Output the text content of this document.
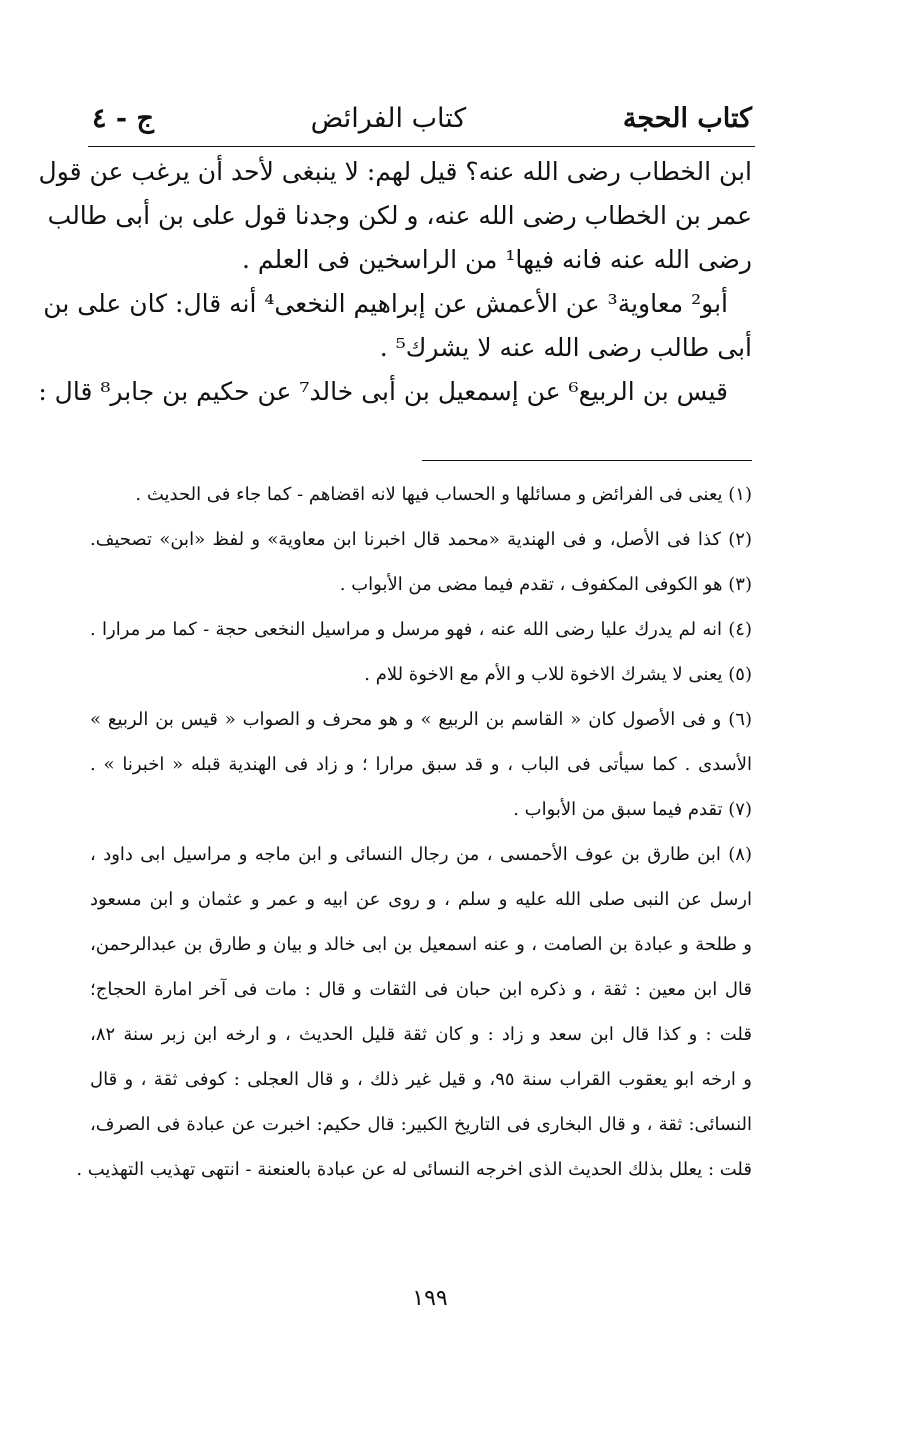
كتاب الحجة
كتاب الفرائض
ج - ٤
ابن الخطاب رضى الله عنه؟ قيل لهم: لا ينبغى لأحد أن يرغب عن قول
عمر بن الخطاب رضى الله عنه، و لكن وجدنا قول على بن أبى طالب
رضى الله عنه فانه فيها¹ من الراسخين فى العلم .
أبو² معاوية³ عن الأعمش عن إبراهيم النخعى⁴ أنه قال: كان على بن
أبى طالب رضى الله عنه لا يشرك⁵ .
قيس بن الربيع⁶ عن إسمعيل بن أبى خالد⁷ عن حكيم بن جابر⁸ قال :
(١) يعنى فى الفرائض و مسائلها و الحساب فيها لانه اقضاهم - كما جاء فى الحديث .
(٢) كذا فى الأصل، و فى الهندية «محمد قال اخبرنا ابن معاوية» و لفظ «ابن» تصحيف.
(٣) هو الكوفى المكفوف ، تقدم فيما مضى من الأبواب .
(٤) انه لم يدرك عليا رضى الله عنه ، فهو مرسل و مراسيل النخعى حجة - كما مر مرارا .
(٥) يعنى لا يشرك الاخوة للاب و الأم مع الاخوة للام .
(٦) و فى الأصول كان « القاسم بن الربيع » و هو محرف و الصواب « قيس بن الربيع »
الأسدى . كما سيأتى فى الباب ، و قد سبق مرارا ؛ و زاد فى الهندية قبله « اخبرنا » .
(٧) تقدم فيما سبق من الأبواب .
(٨) ابن طارق بن عوف الأحمسى ، من رجال النسائى و ابن ماجه و مراسيل ابى داود ،
ارسل عن النبى صلى الله عليه و سلم ، و روى عن ابيه و عمر و عثمان و ابن مسعود
و طلحة و عبادة بن الصامت ، و عنه اسمعيل بن ابى خالد و بيان و طارق بن عبدالرحمن،
قال ابن معين : ثقة ، و ذكره ابن حبان فى الثقات و قال : مات فى آخر امارة الحجاج؛
قلت : و كذا قال ابن سعد و زاد : و كان ثقة قليل الحديث ، و ارخه ابن زبر سنة ٨٢،
و ارخه ابو يعقوب القراب سنة ٩٥، و قيل غير ذلك ، و قال العجلى : كوفى ثقة ، و قال
النسائى: ثقة ، و قال البخارى فى التاريخ الكبير: قال حكيم: اخبرت عن عبادة فى الصرف،
قلت : يعلل بذلك الحديث الذى اخرجه النسائى له عن عبادة بالعنعنة - انتهى تهذيب التهذيب .
١٩٩
